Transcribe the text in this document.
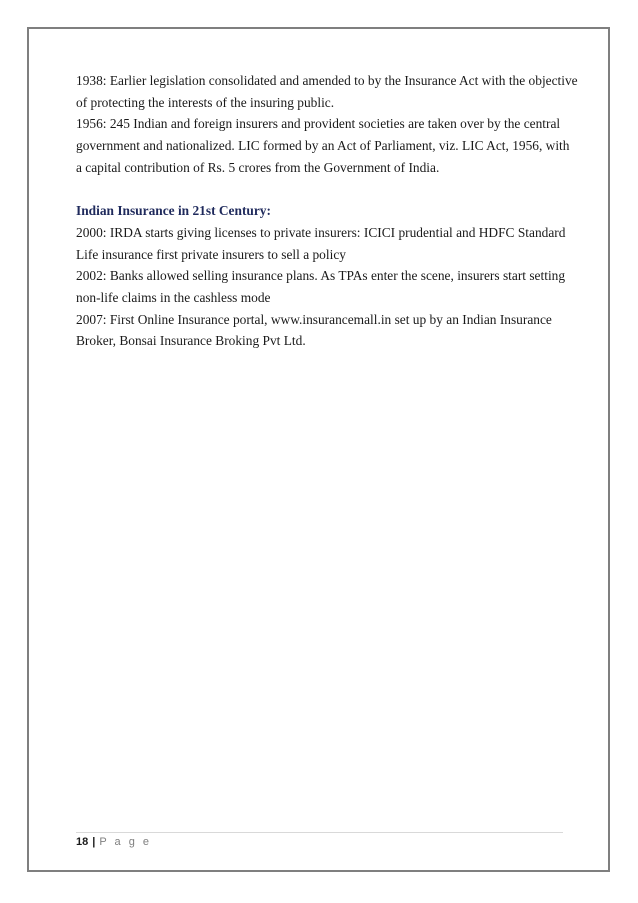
1938: Earlier legislation consolidated and amended to by the Insurance Act with the objective

of protecting the interests of the insuring public.

1956: 245 Indian and foreign insurers and provident societies are taken over by the central

government and nationalized. LIC formed by an Act of Parliament, viz. LIC Act, 1956, with

a capital contribution of Rs. 5 crores from the Government of India.

Indian Insurance in 21st Century:

2000: IRDA starts giving licenses to private insurers: ICICI prudential and HDFC Standard

Life insurance first private insurers to sell a policy

2002: Banks allowed selling insurance plans. As TPAs enter the scene, insurers start setting

non-life claims in the cashless mode

2007: First Online Insurance portal, www.insurancemall.in set up by an Indian Insurance

Broker, Bonsai Insurance Broking Pvt Ltd.

18 | P a g e
